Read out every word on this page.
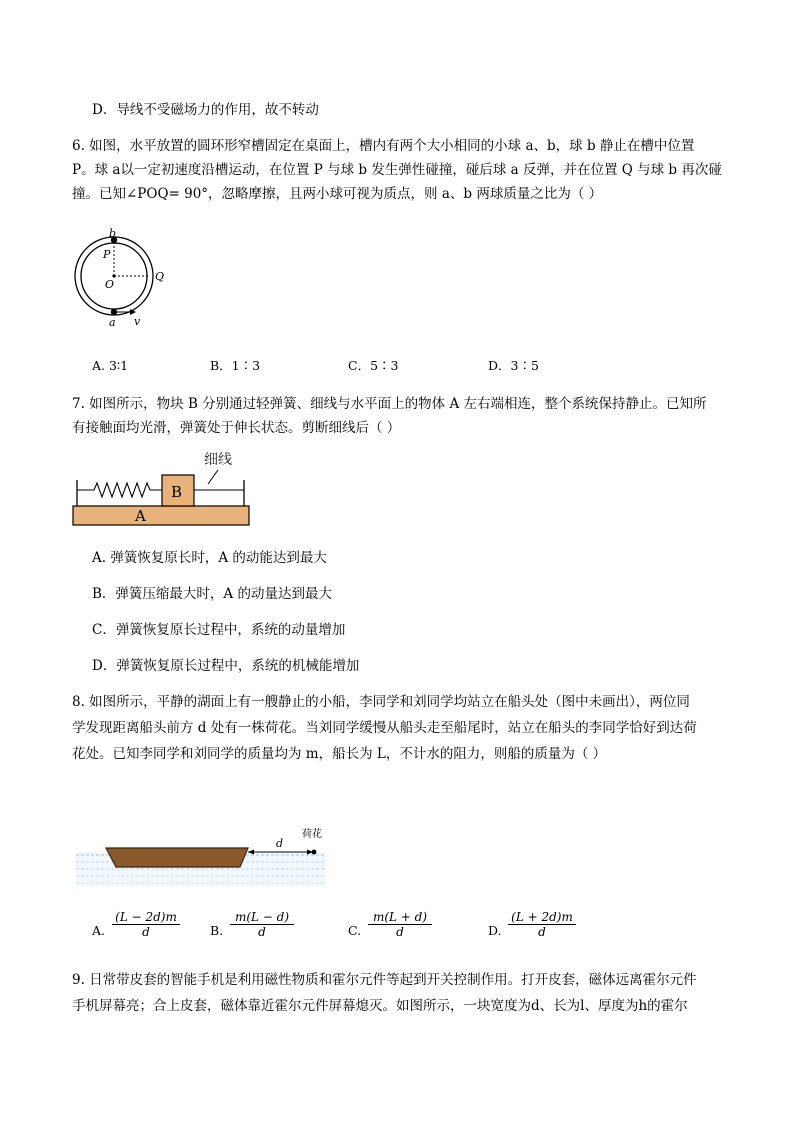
D．导线不受磁场力的作用，故不转动
6. 如图，水平放置的圆环形窄槽固定在桌面上，槽内有两个大小相同的小球 a、b，球 b 静止在槽中位置
P。球 a以一定初速度沿槽运动，在位置 P 与球 b 发生弹性碰撞，碰后球 a 反弹，并在位置 Q 与球 b 再次碰
撞。已知∠POQ= 90°，忽略摩擦，且两小球可视为质点，则 a、b 两球质量之比为（ ）
b
P
O
Q
a v
A. 3∶1	B．1∶3	C．5∶3	D．3∶5
7. 如图所示，物块 B 分别通过轻弹簧、细线与水平面上的物体 A 左右端相连，整个系统保持静止。已知所
有接触面均光滑，弹簧处于伸长状态。剪断细线后（ ）
细线
B
A
A. 弹簧恢复原长时，A 的动能达到最大
B．弹簧压缩最大时，A 的动量达到最大
C．弹簧恢复原长过程中，系统的动量增加
D．弹簧恢复原长过程中，系统的机械能增加
8. 如图所示，平静的湖面上有一艘静止的小船，李同学和刘同学均站立在船头处（图中未画出），两位同
学发现距离船头前方 d 处有一株荷花。当刘同学缓慢从船头走至船尾时，站立在船头的李同学恰好到达荷
花处。已知李同学和刘同学的质量均为 m，船长为 L，不计水的阻力，则船的质量为（ ）
d
荷花
A. $\frac{(L - 2d)m}{d} B$. $\frac{m(L - d)}{d}$	C. $\frac{m(L + d)}{d}$	D. $\frac{(L + 2d)m}{d}$
9. 日常带皮套的智能手机是利用磁性物质和霍尔元件等起到开关控制作用。打开皮套，磁体远离霍尔元件
手机屏幕亮；合上皮套，磁体靠近霍尔元件屏幕熄灭。如图所示，一块宽度为d、长为l、厚度为h的霍尔
